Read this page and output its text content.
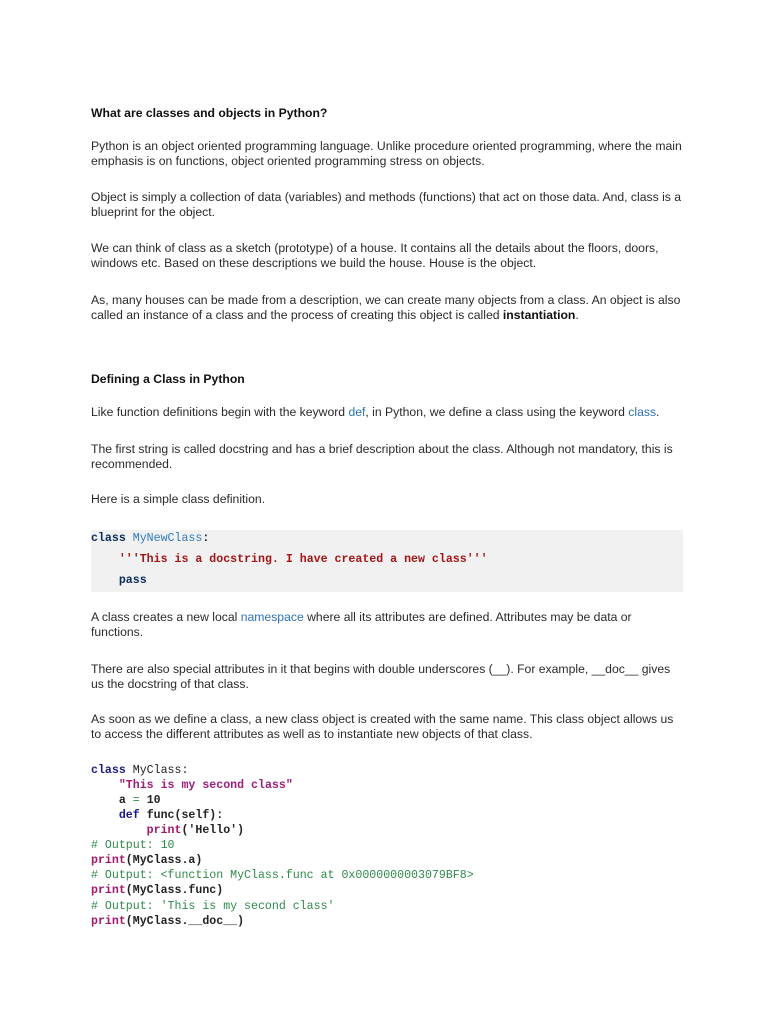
What are classes and objects in Python?
Python is an object oriented programming language. Unlike procedure oriented programming, where the main emphasis is on functions, object oriented programming stress on objects.
Object is simply a collection of data (variables) and methods (functions) that act on those data. And, class is a blueprint for the object.
We can think of class as a sketch (prototype) of a house. It contains all the details about the floors, doors, windows etc. Based on these descriptions we build the house. House is the object.
As, many houses can be made from a description, we can create many objects from a class. An object is also called an instance of a class and the process of creating this object is called instantiation.
Defining a Class in Python
Like function definitions begin with the keyword def, in Python, we define a class using the keyword class.
The first string is called docstring and has a brief description about the class. Although not mandatory, this is recommended.
Here is a simple class definition.
class MyNewClass:
'''This is a docstring. I have created a new class'''
pass
A class creates a new local namespace where all its attributes are defined. Attributes may be data or functions.
There are also special attributes in it that begins with double underscores (__). For example, __doc__ gives us the docstring of that class.
As soon as we define a class, a new class object is created with the same name. This class object allows us to access the different attributes as well as to instantiate new objects of that class.
class MyClass:
"This is my second class"
a = 10
def func(self):
print('Hello')
# Output: 10
print(MyClass.a)
# Output: <function MyClass.func at 0x0000000003079BF8>
print(MyClass.func)
# Output: 'This is my second class'
print(MyClass.__doc__)
